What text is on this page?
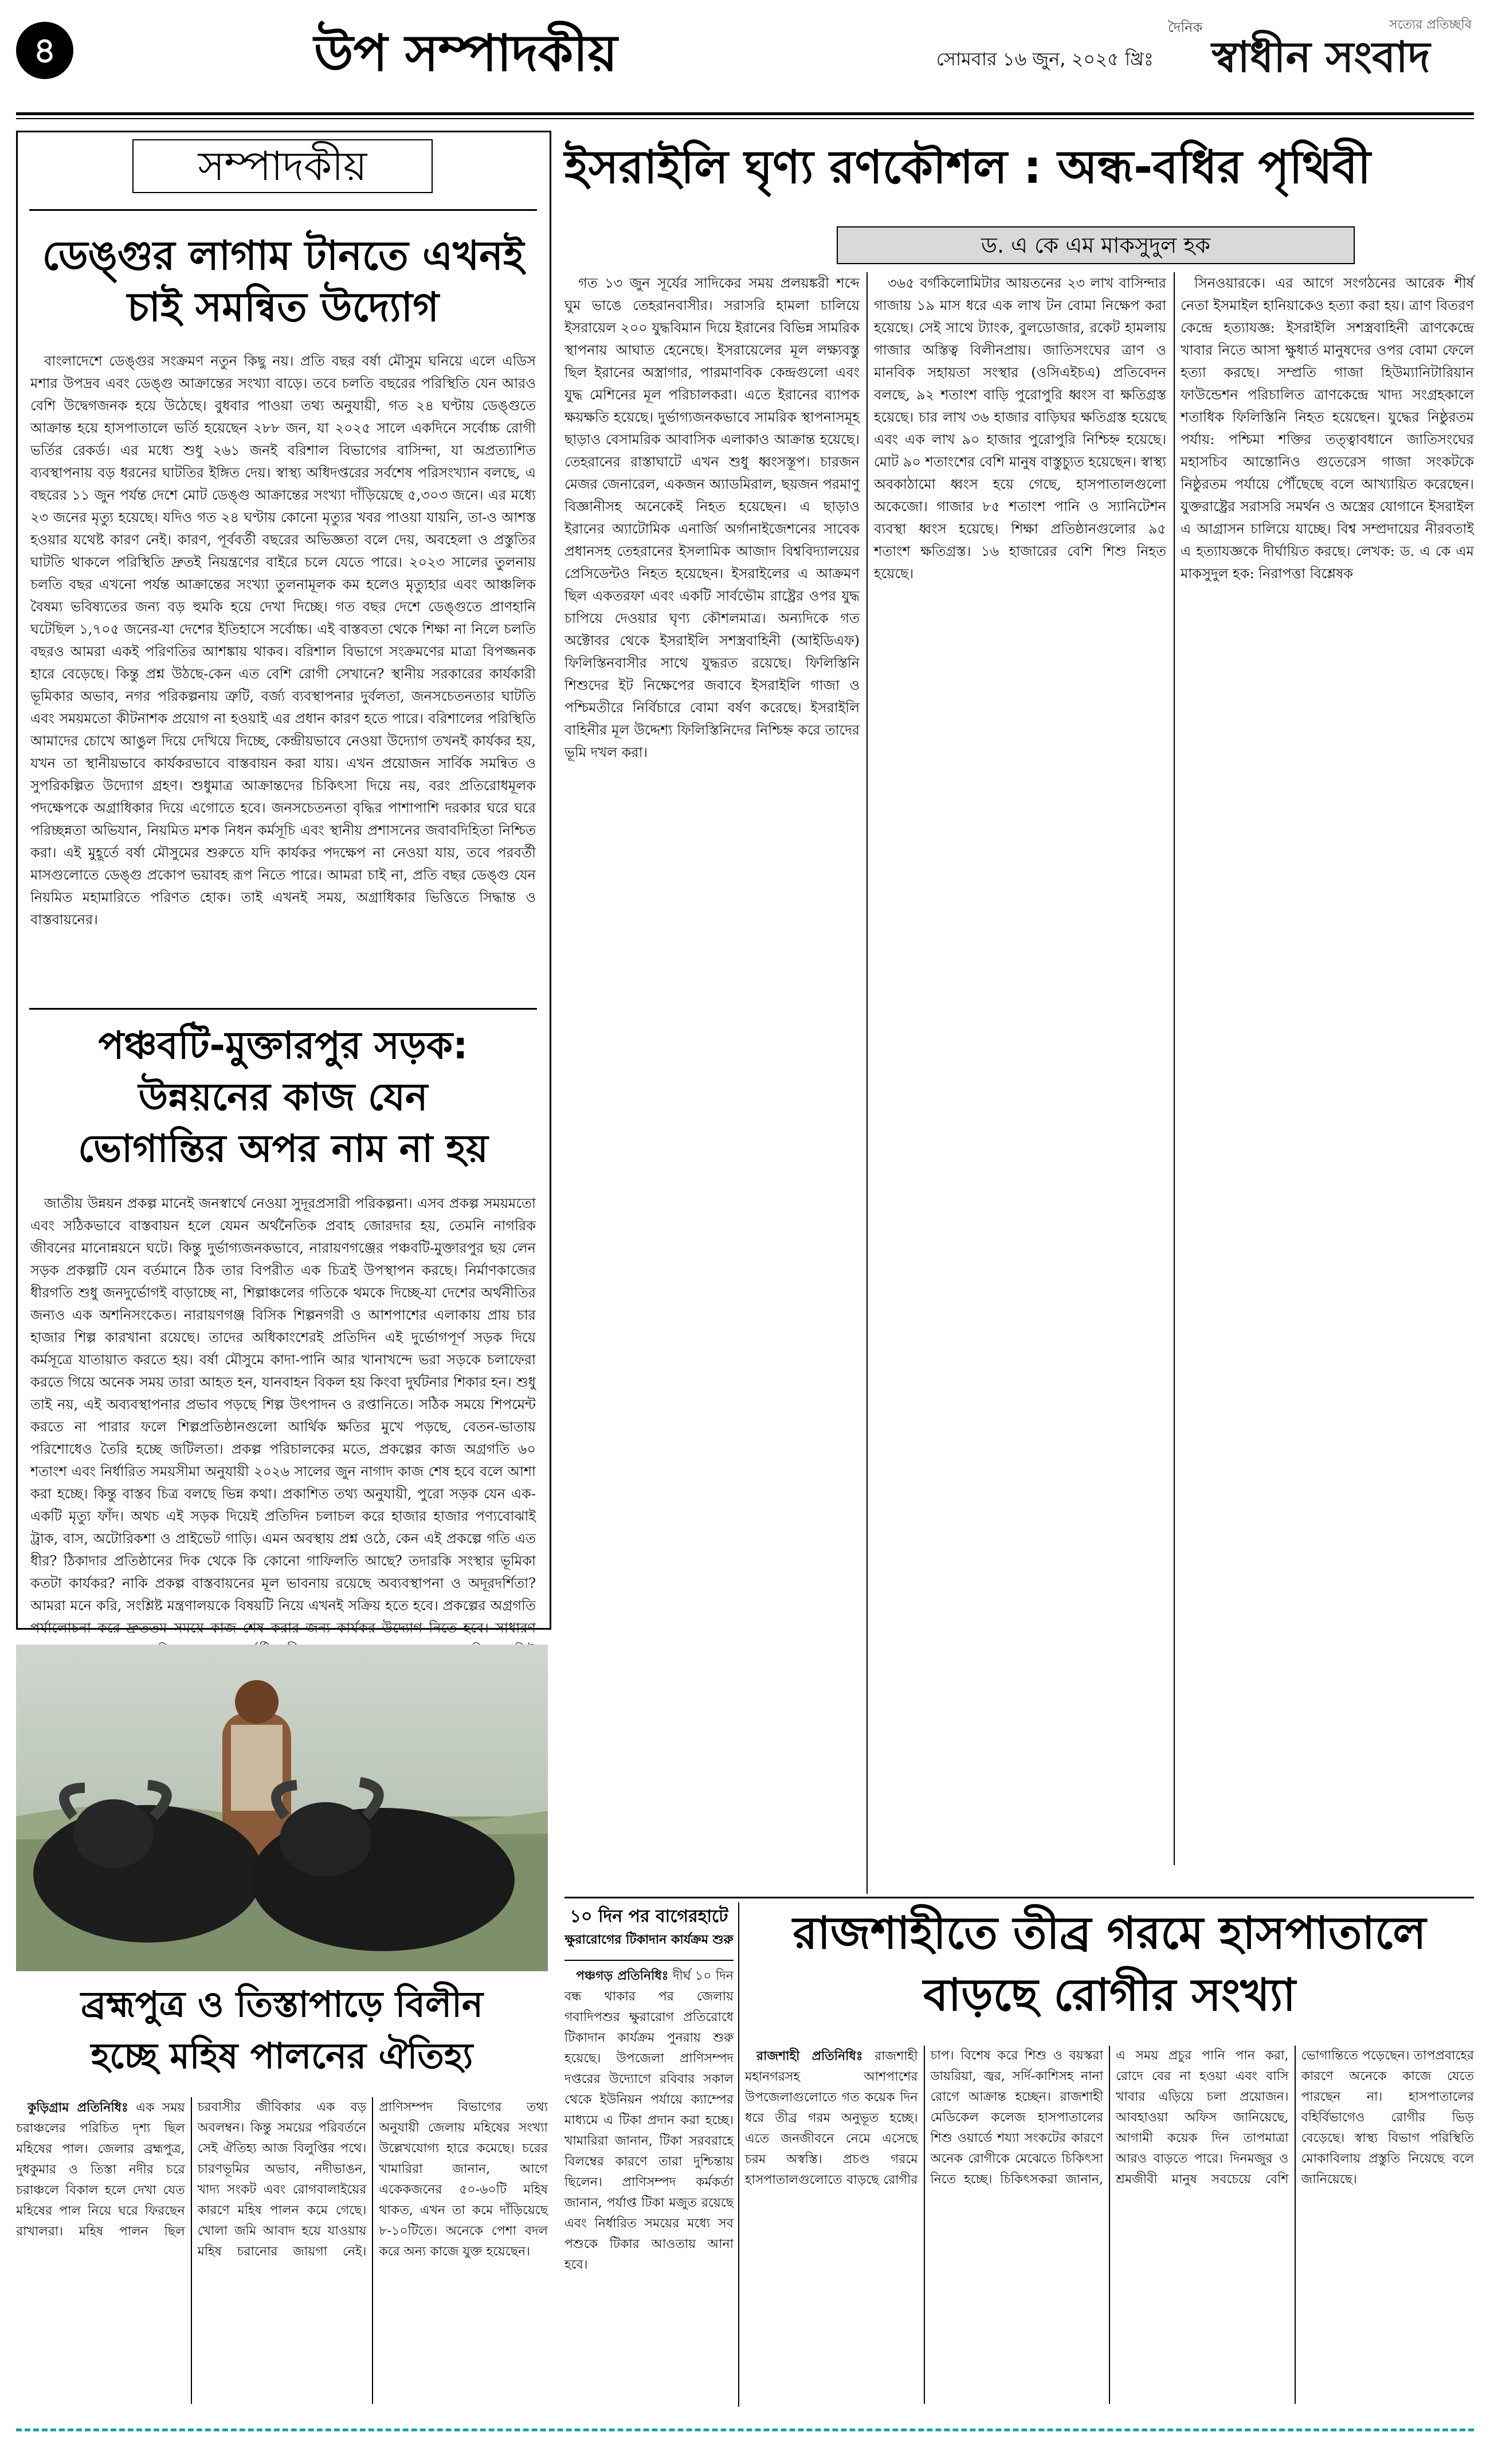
৪	উপ সম্পাদকীয়	সোমবার ১৬ জুন, ২০২৫ খ্রিঃ
দৈনিক	সত্যের প্রতিচ্ছবি
স্বাধীন সংবাদ
সম্পাদকীয়
ডেঙ্গুর লাগাম টানতে এখনই
চাই সমন্বিত উদ্যোগ

বাংলাদেশে ডেঙ্গুর সংক্রমণ নতুন কিছু নয়। প্রতি বছর বর্ষা মৌসুম ঘনিয়ে এলে এডিস মশার উপদ্রব এবং ডেঙ্গু আক্রান্তের সংখ্যা বাড়ে। তবে চলতি বছরের পরিস্থিতি যেন আরও বেশি উদ্বেগজনক হয়ে উঠেছে। বুধবার পাওয়া তথ্য অনুযায়ী, গত ২৪ ঘণ্টায় ডেঙ্গুতে আক্রান্ত হয়ে হাসপাতালে ভর্তি হয়েছেন ২৮৮ জন, যা ২০২৫ সালে একদিনে সর্বোচ্চ রোগী ভর্তির রেকর্ড। এর মধ্যে শুধু ২৬১ জনই বরিশাল বিভাগের বাসিন্দা, যা অপ্রত্যাশিত ব্যবস্থাপনায় বড় ধরনের ঘাটতির ইঙ্গিত দেয়। স্বাস্থ্য অধিদপ্তরের সর্বশেষ পরিসংখ্যান বলছে, এ বছরের ১১ জুন পর্যন্ত দেশে মোট ডেঙ্গু আক্রান্তের সংখ্যা দাঁড়িয়েছে ৫,৩০৩ জনে। এর মধ্যে ২৩ জনের মৃত্যু হয়েছে। যদিও গত ২৪ ঘণ্টায় কোনো মৃত্যুর খবর পাওয়া যায়নি, তা-ও আশস্ত হওয়ার যথেষ্ট কারণ নেই। কারণ, পূর্ববর্তী বছরের অভিজ্ঞতা বলে দেয়, অবহেলা ও প্রস্তুতির ঘাটতি থাকলে পরিস্থিতি দ্রুতই নিয়ন্ত্রণের বাইরে চলে যেতে পারে। ২০২৩ সালের তুলনায় চলতি বছর এখনো পর্যন্ত আক্রান্তের সংখ্যা তুলনামূলক কম হলেও মৃত্যুহার এবং আঞ্চলিক বৈষম্য ভবিষ্যতের জন্য বড় হুমকি হয়ে দেখা দিচ্ছে। গত বছর দেশে ডেঙ্গুতে প্রাণহানি ঘটেছিল ১,৭০৫ জনের-যা দেশের ইতিহাসে সর্বোচ্চ। এই বাস্তবতা থেকে শিক্ষা না নিলে চলতি বছরও আমরা একই পরিণতির আশঙ্কায় থাকব। বরিশাল বিভাগে সংক্রমণের মাত্রা বিপজ্জনক হারে বেড়েছে। কিন্তু প্রশ্ন উঠছে-কেন এত বেশি রোগী সেখানে? স্থানীয় সরকারের কার্যকারী ভূমিকার অভাব, নগর পরিকল্পনায় ত্রুটি, বর্জ্য ব্যবস্থাপনার দুর্বলতা, জনসচেতনতার ঘাটতি এবং সময়মতো কীটনাশক প্রয়োগ না হওয়াই এর প্রধান কারণ হতে পারে। বরিশালের পরিস্থিতি আমাদের চোখে আঙুল দিয়ে দেখিয়ে দিচ্ছে, কেন্দ্রীয়ভাবে নেওয়া উদ্যোগ তখনই কার্যকর হয়, যখন তা স্থানীয়ভাবে কার্যকরভাবে বাস্তবায়ন করা যায়। এখন প্রয়োজন সার্বিক সমন্বিত ও সুপরিকল্পিত উদ্যোগ গ্রহণ। শুধুমাত্র আক্রান্তদের চিকিৎসা দিয়ে নয়, বরং প্রতিরোধমূলক পদক্ষেপকে অগ্রাধিকার দিয়ে এগোতে হবে। জনসচেতনতা বৃদ্ধির পাশাপাশি দরকার ঘরে ঘরে পরিচ্ছন্নতা অভিযান, নিয়মিত মশক নিধন কর্মসূচি এবং স্থানীয় প্রশাসনের জবাবদিহিতা নিশ্চিত করা। এই মুহূর্তে বর্ষা মৌসুমের শুরুতে যদি কার্যকর পদক্ষেপ না নেওয়া যায়, তবে পরবর্তী মাসগুলোতে ডেঙ্গু প্রকোপ ভয়াবহ রূপ নিতে পারে। আমরা চাই না, প্রতি বছর ডেঙ্গু যেন নিয়মিত মহামারিতে পরিণত হোক। তাই এখনই সময়, অগ্রাধিকার ভিত্তিতে সিদ্ধান্ত ও বাস্তবায়নের।

পঞ্চবটি-মুক্তারপুর সড়ক:
উন্নয়নের কাজ যেন
ভোগান্তির অপর নাম না হয়

জাতীয় উন্নয়ন প্রকল্প মানেই জনস্বার্থে নেওয়া সুদূরপ্রসারী পরিকল্পনা। এসব প্রকল্প সময়মতো এবং সঠিকভাবে বাস্তবায়ন হলে যেমন অর্থনৈতিক প্রবাহ জোরদার হয়, তেমনি নাগরিক জীবনের মানোন্নয়নে ঘটে। কিন্তু দুর্ভাগ্যজনকভাবে, নারায়ণগঞ্জের পঞ্চবটি-মুক্তারপুর ছয় লেন সড়ক প্রকল্পটি যেন বর্তমানে ঠিক তার বিপরীত এক চিত্রই উপস্থাপন করছে। নির্মাণকাজের ধীরগতি শুধু জনদুর্ভোগই বাড়াচ্ছে না, শিল্পাঞ্চলের গতিকে থমকে দিচ্ছে-যা দেশের অর্থনীতির জন্যও এক অশনিসংকেত। নারায়ণগঞ্জ বিসিক শিল্পনগরী ও আশপাশের এলাকায় প্রায় চার হাজার শিল্প কারখানা রয়েছে। তাদের অধিকাংশেরই প্রতিদিন এই দুর্ভোগপূর্ণ সড়ক দিয়ে কর্মসূত্রে যাতায়াত করতে হয়। বর্ষা মৌসুমে কাদা-পানি আর খানাখন্দে ভরা সড়কে চলাফেরা করতে গিয়ে অনেক সময় তারা আহত হন, যানবাহন বিকল হয় কিংবা দুর্ঘটনার শিকার হন। শুধু তাই নয়, এই অব্যবস্থাপনার প্রভাব পড়ছে শিল্প উৎপাদন ও রপ্তানিতে। সঠিক সময়ে শিপমেন্ট করতে না পারার ফলে শিল্পপ্রতিষ্ঠানগুলো আর্থিক ক্ষতির মুখে পড়ছে, বেতন-ভাতায় পরিশোধেও তৈরি হচ্ছে জটিলতা। প্রকল্প পরিচালকের মতে, প্রকল্পের কাজ অগ্রগতি ৬০ শতাংশ এবং নির্ধারিত সময়সীমা অনুযায়ী ২০২৬ সালের জুন নাগাদ কাজ শেষ হবে বলে আশা করা হচ্ছে। কিন্তু বাস্তব চিত্র বলছে ভিন্ন কথা। প্রকাশিত তথ্য অনুযায়ী, পুরো সড়ক যেন এক-একটি মৃত্যু ফাঁদ। অথচ এই সড়ক দিয়েই প্রতিদিন চলাচল করে হাজার হাজার পণ্যবোঝাই ট্রাক, বাস, অটোরিকশা ও প্রাইভেট গাড়ি। এমন অবস্থায় প্রশ্ন ওঠে, কেন এই প্রকল্পে গতি এত ধীর? ঠিকাদার প্রতিষ্ঠানের দিক থেকে কি কোনো গাফিলতি আছে? তদারকি সংস্থার ভূমিকা কতটা কার্যকর? নাকি প্রকল্প বাস্তবায়নের মূল ভাবনায় রয়েছে অব্যবস্থাপনা ও অদূরদর্শিতা? আমরা মনে করি, সংশ্লিষ্ট মন্ত্রণালয়কে বিষয়টি নিয়ে এখনই সক্রিয় হতে হবে। প্রকল্পের অগ্রগতি পর্যালোচনা করে দ্রুততম সময়ে কাজ শেষ করার জন্য কার্যকর উদ্যোগ নিতে হবে। সাধারণ

ইসরাইলি ঘৃণ্য রণকৌশল : অন্ধ-বধির পৃথিবী
ড. এ কে এম মাকসুদুল হক

গত ১৩ জুন সূর্যের সাদিকের সময় প্রলয়ঙ্করী শব্দে ঘুম ভাঙে তেহরানবাসীর। সরাসরি হামলা চালিয়ে ইসরায়েল ২০০ যুদ্ধবিমান দিয়ে ইরানের বিভিন্ন সামরিক স্থাপনায় আঘাত হেনেছে। ইসরায়েলের মূল লক্ষ্যবস্তু ছিল ইরানের অস্ত্রাগার, পারমাণবিক কেন্দ্রগুলো এবং যুদ্ধ মেশিনের মূল পরিচালকরা। এতে ইরানের ব্যাপক ক্ষয়ক্ষতি হয়েছে। দুর্ভাগ্যজনকভাবে সামরিক স্থাপনাসমূহ ছাড়াও বেসামরিক আবাসিক এলাকাও আক্রান্ত হয়েছে। তেহরানের রাস্তাঘাটে এখন শুধু ধ্বংসস্তূপ। চারজন মেজর জেনারেল, একজন অ্যাডমিরাল, ছয়জন পরমাণু বিজ্ঞানীসহ অনেকেই নিহত হয়েছেন। এ ছাড়াও ইরানের অ্যাটোমিক এনার্জি অর্গানাইজেশনের সাবেক প্রধানসহ তেহরানের ইসলামিক আজাদ বিশ্ববিদ্যালয়ের প্রেসিডেন্টও নিহত হয়েছেন। ইসরাইলের এ আক্রমণ ছিল একতরফা এবং একটি সার্বভৌম রাষ্ট্রের ওপর যুদ্ধ চাপিয়ে দেওয়ার ঘৃণ্য কৌশলমাত্র। অন্যদিকে গত অক্টোবর থেকে ইসরাইলি সশস্ত্রবাহিনী (আইডিএফ) ফিলিস্তিনবাসীর সাথে যুদ্ধরত রয়েছে। ফিলিস্তিনি শিশুদের ইট নিক্ষেপের জবাবে ইসরাইলি গাজা ও পশ্চিমতীরে নির্বিচারে বোমা বর্ষণ করেছে। ইসরাইলি বাহিনীর মূল উদ্দেশ্য ফিলিস্তিনিদের নিশ্চিহ্ন করে তাদের ভূমি দখল করা।

৩৬৫ বর্গকিলোমিটার আয়তনের ২৩ লাখ বাসিন্দার গাজায় ১৯ মাস ধরে এক লাখ টন বোমা নিক্ষেপ করা হয়েছে। সেই সাথে ট্যাংক, বুলডোজার, রকেট হামলায় গাজার অস্তিত্ব বিলীনপ্রায়। জাতিসংঘের ত্রাণ ও মানবিক সহায়তা সংস্থার (ওসিএইচএ) প্রতিবেদন বলছে, ৯২ শতাংশ বাড়ি পুরোপুরি ধ্বংস বা ক্ষতিগ্রস্ত হয়েছে। চার লাখ ৩৬ হাজার বাড়িঘর ক্ষতিগ্রস্ত হয়েছে এবং এক লাখ ৯০ হাজার পুরোপুরি নিশ্চিহ্ন হয়েছে। মোট ৯০ শতাংশের বেশি মানুষ বাস্তুচ্যুত হয়েছেন। স্বাস্থ্য অবকাঠামো ধ্বংস হয়ে গেছে, হাসপাতালগুলো অকেজো। গাজার ৮৫ শতাংশ পানি ও স্যানিটেশন ব্যবস্থা ধ্বংস হয়েছে। শিক্ষা প্রতিষ্ঠানগুলোর ৯৫ শতাংশ ক্ষতিগ্রস্ত। ১৬ হাজারের বেশি শিশু নিহত হয়েছে।

সিনওয়ারকে। এর আগে সংগঠনের আরেক শীর্ষ নেতা ইসমাইল হানিয়াকেও হত্যা করা হয়। ত্রাণ বিতরণ কেন্দ্রে হত্যাযজ্ঞ: ইসরাইলি সশস্ত্রবাহিনী ত্রাণকেন্দ্রে খাবার নিতে আসা ক্ষুধার্ত মানুষদের ওপর বোমা ফেলে হত্যা করছে। সম্প্রতি গাজা হিউম্যানিটারিয়ান ফাউন্ডেশন পরিচালিত ত্রাণকেন্দ্রে খাদ্য সংগ্রহকালে শতাধিক ফিলিস্তিনি নিহত হয়েছেন। যুদ্ধের নিষ্ঠুরতম পর্যায়: পশ্চিমা শক্তির তত্ত্বাবধানে জাতিসংঘের মহাসচিব আন্তোনিও গুতেরেস গাজা সংকটকে নিষ্ঠুরতম পর্যায়ে পৌঁছেছে বলে আখ্যায়িত করেছেন। যুক্তরাষ্ট্রের সরাসরি সমর্থন ও অস্ত্রের যোগানে ইসরাইল এ আগ্রাসন চালিয়ে যাচ্ছে। বিশ্ব সম্প্রদায়ের নীরবতাই এ হত্যাযজ্ঞকে দীর্ঘায়িত করছে। লেখক: ড. এ কে এম মাকসুদুল হক: নিরাপত্তা বিশ্লেষক

ব্রহ্মপুত্র ও তিস্তাপাড়ে বিলীন
হচ্ছে মহিষ পালনের ঐতিহ্য

কুড়িগ্রাম প্রতিনিধিঃ এক সময় চরাঞ্চলের পরিচিত দৃশ্য ছিল মহিষের পাল। জেলার ব্রহ্মপুত্র, দুধকুমার ও তিস্তা নদীর চরে চরাঞ্চলে বিকাল হলে দেখা যেত মহিষের পাল নিয়ে ঘরে ফিরছেন রাখালরা। মহিষ পালন ছিল চরবাসীর জীবিকার এক বড় অবলম্বন। কিন্তু সময়ের পরিবর্তনে সেই ঐতিহ্য আজ বিলুপ্তির পথে। চারণভূমির অভাব, নদীভাঙন, খাদ্য সংকট এবং রোগবালাইয়ের কারণে মহিষ পালন কমে গেছে। খোলা জমি আবাদ হয়ে যাওয়ায় মহিষ চরানোর জায়গা নেই। প্রাণিসম্পদ বিভাগের তথ্য অনুযায়ী জেলায় মহিষের সংখ্যা উল্লেখযোগ্য হারে কমেছে। চরের খামারিরা জানান, আগে একেকজনের ৫০-৬০টি মহিষ থাকত, এখন তা কমে দাঁড়িয়েছে ৮-১০টিতে। অনেকে পেশা বদল করে অন্য কাজে যুক্ত হয়েছেন।

১০ দিন পর বাগেরহাটে
ক্ষুরারোগের টিকাদান কার্যক্রম শুরু

পঞ্চগড় প্রতিনিধিঃ দীর্ঘ ১০ দিন বন্ধ থাকার পর জেলায় গবাদিপশুর ক্ষুরারোগ প্রতিরোধে টিকাদান কার্যক্রম পুনরায় শুরু হয়েছে। উপজেলা প্রাণিসম্পদ দপ্তরের উদ্যোগে রবিবার সকাল থেকে ইউনিয়ন পর্যায়ে ক্যাম্পের মাধ্যমে এ টিকা প্রদান করা হচ্ছে। খামারিরা জানান, টিকা সরবরাহে বিলম্বের কারণে তারা দুশ্চিন্তায় ছিলেন। প্রাণিসম্পদ কর্মকর্তা জানান, পর্যাপ্ত টিকা মজুত রয়েছে এবং নির্ধারিত সময়ের মধ্যে সব পশুকে টিকার আওতায় আনা হবে।

রাজশাহীতে তীব্র গরমে হাসপাতালে
বাড়ছে রোগীর সংখ্যা

রাজশাহী প্রতিনিধিঃ রাজশাহী মহানগরসহ আশপাশের উপজেলাগুলোতে গত কয়েক দিন ধরে তীব্র গরম অনুভূত হচ্ছে। এতে জনজীবনে নেমে এসেছে চরম অস্বস্তি। প্রচণ্ড গরমে হাসপাতালগুলোতে বাড়ছে রোগীর চাপ। বিশেষ করে শিশু ও বয়স্করা ডায়রিয়া, জ্বর, সর্দি-কাশিসহ নানা রোগে আক্রান্ত হচ্ছেন। রাজশাহী মেডিকেল কলেজ হাসপাতালের শিশু ওয়ার্ডে শয্যা সংকটের কারণে অনেক রোগীকে মেঝেতে চিকিৎসা নিতে হচ্ছে। চিকিৎসকরা জানান, এ সময় প্রচুর পানি পান করা, রোদে বের না হওয়া এবং বাসি খাবার এড়িয়ে চলা প্রয়োজন। আবহাওয়া অফিস জানিয়েছে, আগামী কয়েক দিন তাপমাত্রা আরও বাড়তে পারে। দিনমজুর ও শ্রমজীবী মানুষ সবচেয়ে বেশি ভোগান্তিতে পড়েছেন। তাপপ্রবাহের কারণে অনেকে কাজে যেতে পারছেন না। হাসপাতালের বহির্বিভাগেও রোগীর ভিড় বেড়েছে। স্বাস্থ্য বিভাগ পরিস্থিতি মোকাবিলায় প্রস্তুতি নিয়েছে বলে জানিয়েছে।
